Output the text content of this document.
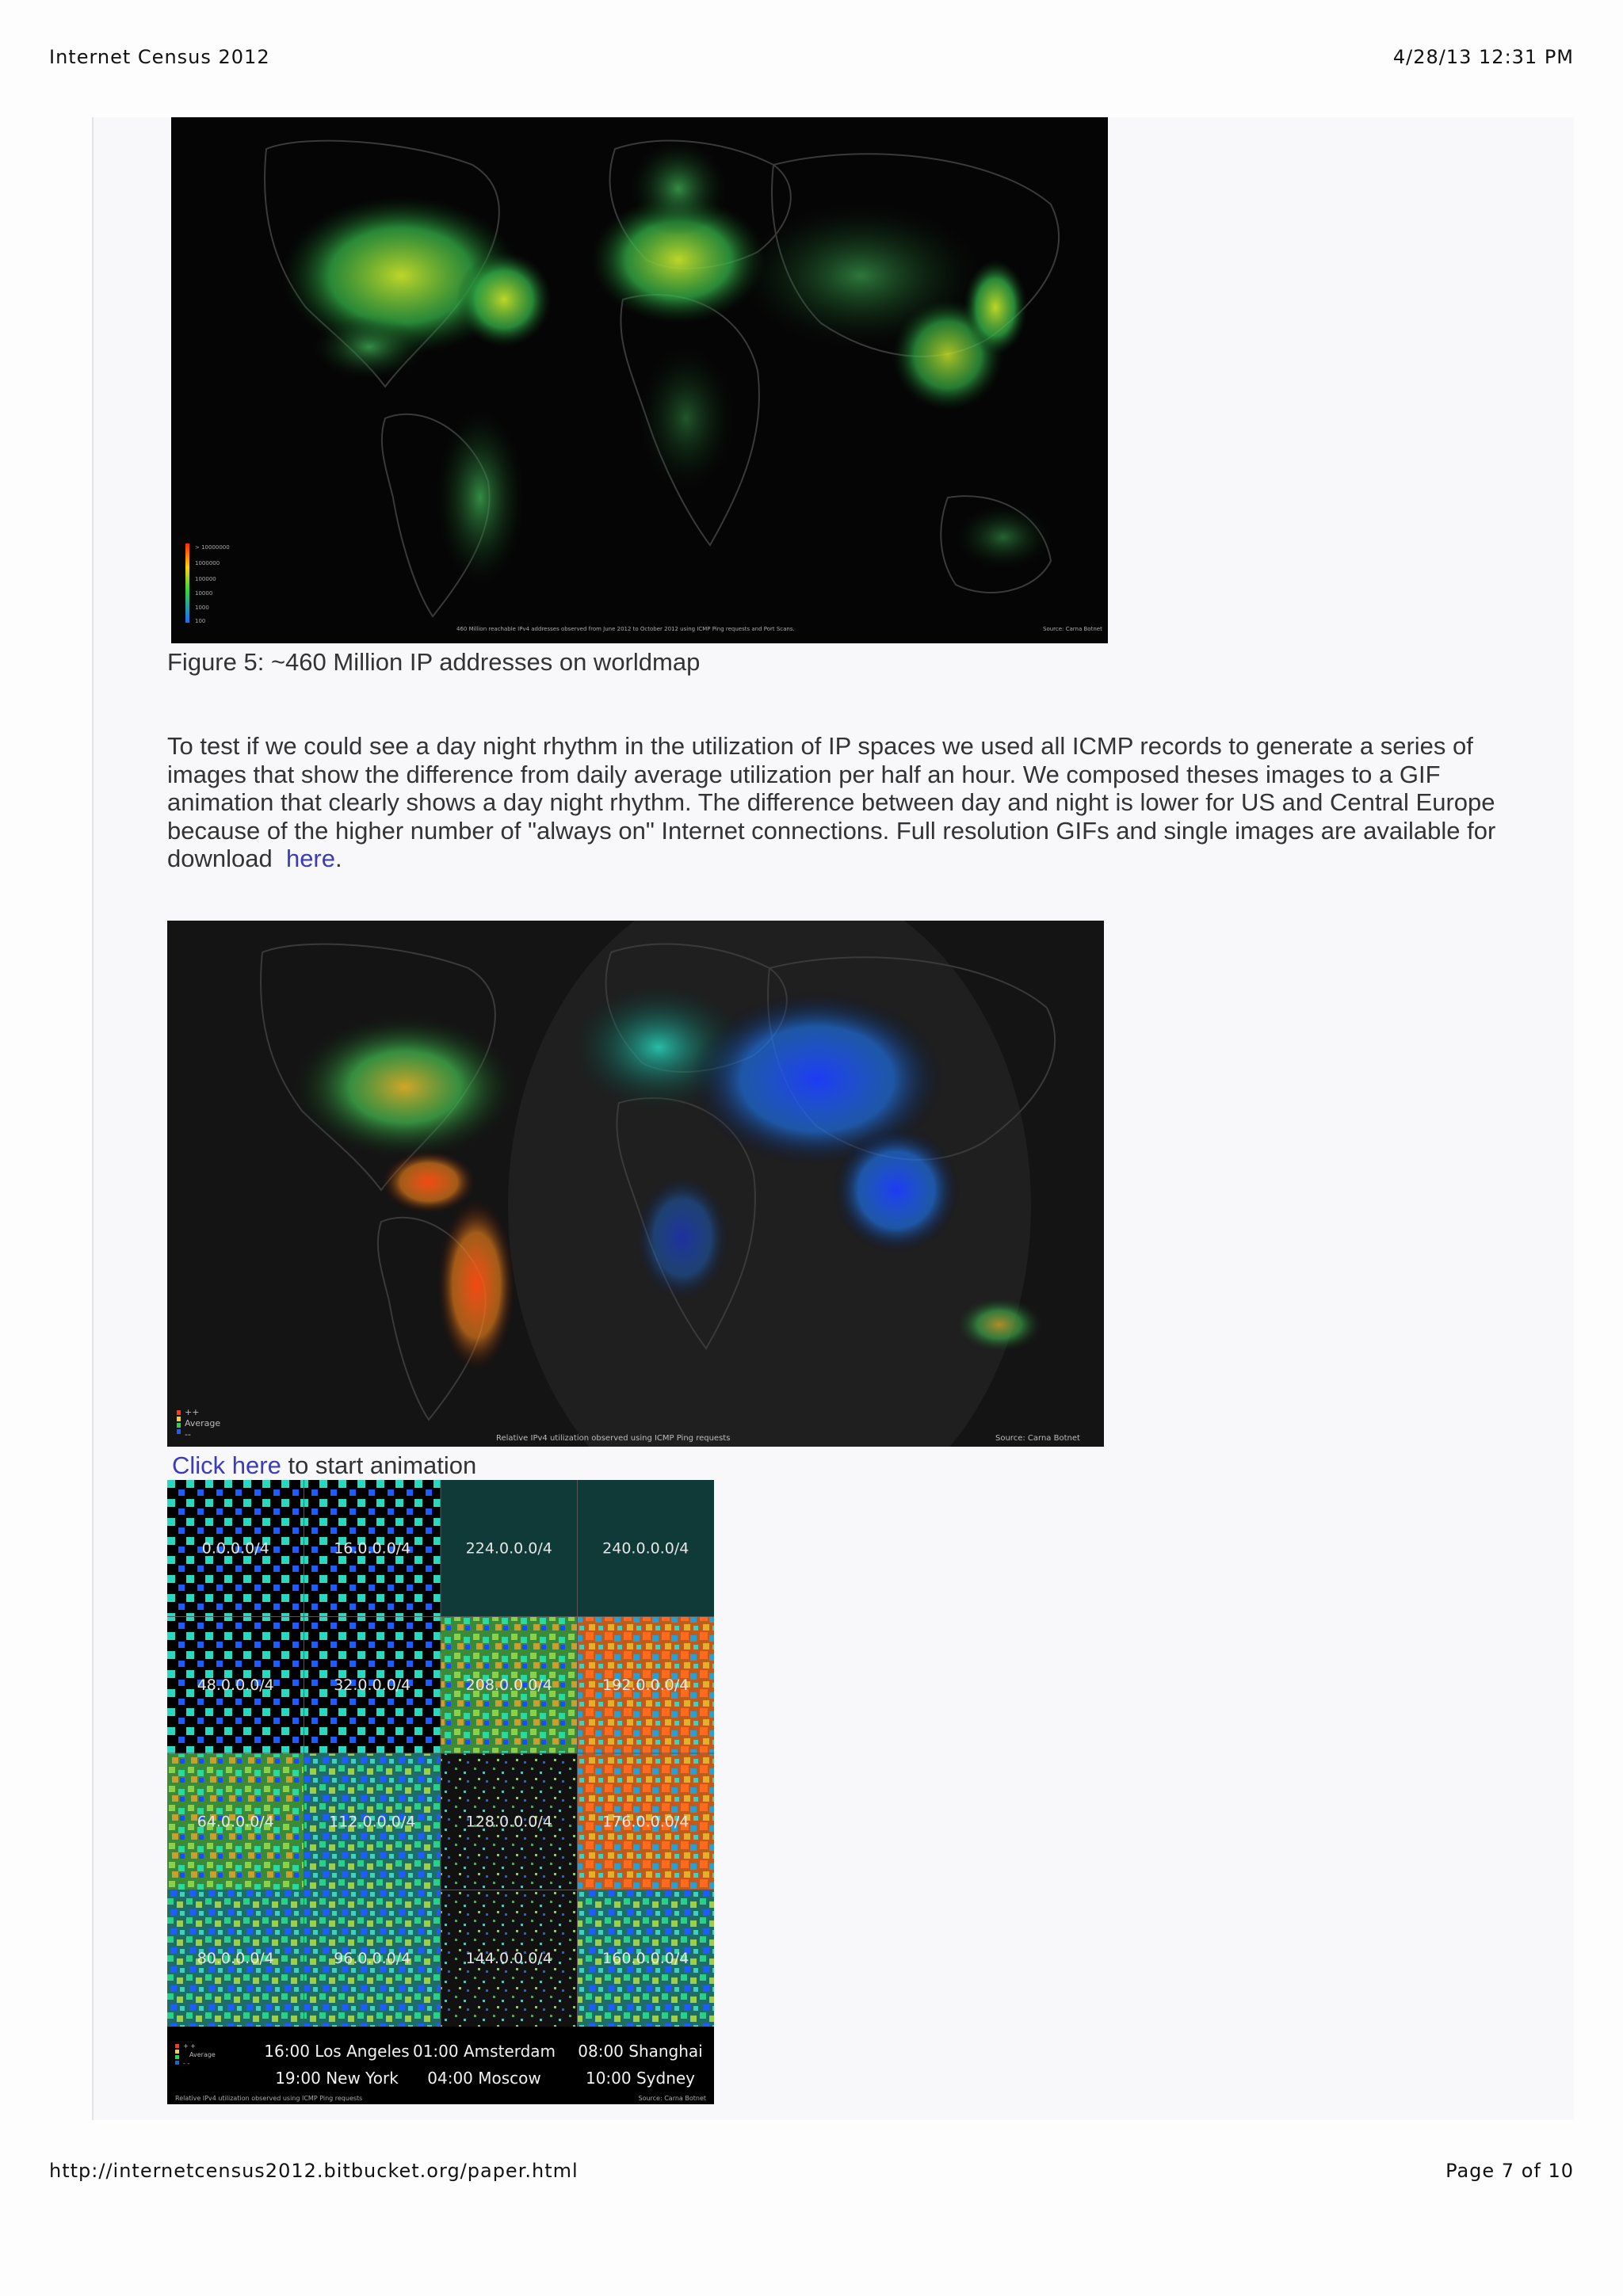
Internet Census 2012	4/28/13 12:31 PM
> 10000000
1000000
100000
10000
1000
100
460 Million reachable IPv4 addresses observed from June 2012 to October 2012 using ICMP Ping requests and Port Scans.	Source: Carna Botnet
Figure 5: ~460 Million IP addresses on worldmap
To test if we could see a day night rhythm in the utilization of IP spaces we used all ICMP records to generate a series of images that show the difference from daily average utilization per half an hour. We composed theses images to a GIF animation that clearly shows a day night rhythm. The difference between day and night is lower for US and Central Europe because of the higher number of "always on" Internet connections. Full resolution GIFs and single images are available for download here.
++
Average
--	Relative IPv4 utilization observed using ICMP Ping requests	Source: Carna Botnet
Click here to start animation
0.0.0.0/4	16.0.0.0/4	224.0.0.0/4	240.0.0.0/4
48.0.0.0/4	32.0.0.0/4	208.0.0.0/4	192.0.0.0/4
64.0.0.0/4	112.0.0.0/4	128.0.0.0/4	176.0.0.0/4
80.0.0.0/4	96.0.0.0/4	144.0.0.0/4	160.0.0.0/4
+ +
Average
- -
16:00 Los Angeles 01:00 Amsterdam 08:00 Shanghai
19:00 New York 04:00 Moscow	10:00 Sydney
Relative IPv4 utilization observed using ICMP Ping requests	Source: Carna Botnet
http://internetcensus2012.bitbucket.org/paper.html	Page 7 of 10
